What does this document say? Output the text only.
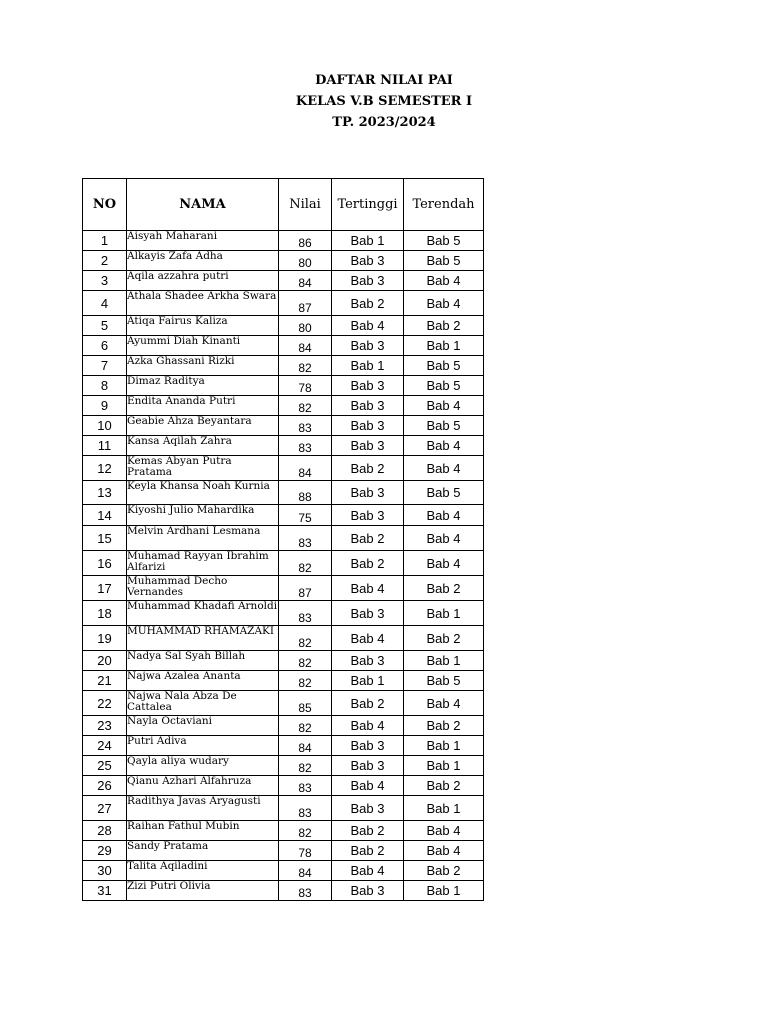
DAFTAR NILAI PAI
KELAS V.B SEMESTER I
TP. 2023/2024
NO	NAMA	Nilai	Tertinggi	Terendah
1	Aisyah Maharani	86	Bab 1	Bab 5
2	Alkayis Zafa Adha	80	Bab 3	Bab 5
3	Aqila azzahra putri	84	Bab 3	Bab 4
4	Athala Shadee Arkha Swara	87	Bab 2	Bab 4
5	Atiqa Fairus Kaliza	80	Bab 4	Bab 2
6	Ayummi Diah Kinanti	84	Bab 3	Bab 1
7	Azka Ghassani Rizki	82	Bab 1	Bab 5
8	Dimaz Raditya	78	Bab 3	Bab 5
9	Endita Ananda Putri	82	Bab 3	Bab 4
10	Geabie Ahza Beyantara	83	Bab 3	Bab 5
11	Kansa Aqilah Zahra	83	Bab 3	Bab 4
12	Kemas Abyan Putra Pratama	84	Bab 2	Bab 4
13	Keyla Khansa Noah Kurnia	88	Bab 3	Bab 5
14	Kiyoshi Julio Mahardika	75	Bab 3	Bab 4
15	Melvin Ardhani Lesmana	83	Bab 2	Bab 4
16	Muhamad Rayyan Ibrahim Alfarizi	82	Bab 2	Bab 4
17	Muhammad Decho Vernandes	87	Bab 4	Bab 2
18	Muhammad Khadafi Arnoldi	83	Bab 3	Bab 1
19	MUHAMMAD RHAMAZAKI	82	Bab 4	Bab 2
20	Nadya Sal Syah Billah	82	Bab 3	Bab 1
21	Najwa Azalea Ananta	82	Bab 1	Bab 5
22	Najwa Nala Abza De Cattalea	85	Bab 2	Bab 4
23	Nayla Octaviani	82	Bab 4	Bab 2
24	Putri Adiva	84	Bab 3	Bab 1
25	Qayla aliya wudary	82	Bab 3	Bab 1
26	Qianu Azhari Alfahruza	83	Bab 4	Bab 2
27	Radithya Javas Aryagusti	83	Bab 3	Bab 1
28	Raihan Fathul Mubin	82	Bab 2	Bab 4
29	Sandy Pratama	78	Bab 2	Bab 4
30	Talita Aqiladini	84	Bab 4	Bab 2
31	Zizi Putri Olivia	83	Bab 3	Bab 1
